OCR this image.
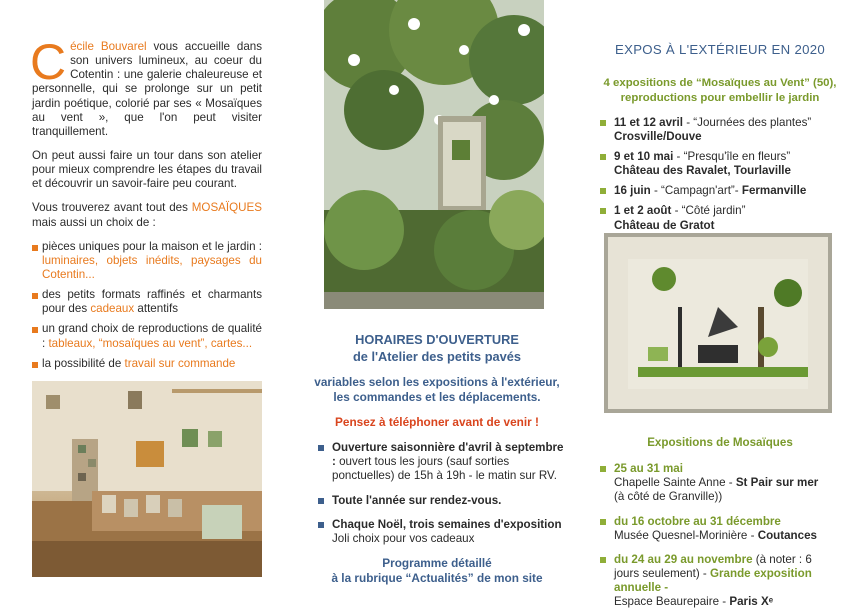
Cécile Bouvarel vous accueille dans son univers lumineux, au coeur du Cotentin : une galerie chaleureuse et personnelle, qui se prolonge sur un petit jardin poétique, colorié par ses « Mosaïques au vent », que l'on peut visiter tranquillement.

On peut aussi faire un tour dans son atelier pour mieux comprendre les étapes du travail et découvrir un savoir-faire peu courant.

Vous trouverez avant tout des MOSAÏQUES mais aussi un choix de :

pièces uniques pour la maison et le jardin : luminaires, objets inédits, paysages du Cotentin...
des petits formats raffinés et charmants pour des cadeaux attentifs
un grand choix de reproductions de qualité : tableaux, “mosaïques au vent”, cartes...
la possibilité de travail sur commande
HORAIRES D'OUVERTURE
de l'Atelier des petits pavés
variables selon les expositions à l'extérieur, les commandes et les déplacements.
Pensez à téléphoner avant de venir !
Ouverture saisonnière d'avril à septembre : ouvert tous les jours (sauf sorties ponctuelles) de 15h à 19h - le matin sur RV.
Toute l'année sur rendez-vous.
Chaque Noël, trois semaines d'exposition Joli choix pour vos cadeaux
Programme détaillé
à la rubrique “Actualités” de mon site
EXPOS À L'EXTÉRIEUR EN 2020
4 expositions de “Mosaïques au Vent” (50), reproductions pour embellir le jardin
11 et 12 avril - “Journées des plantes”
Crosville/Douve
9 et 10 mai - “Presqu'île en fleurs”
Château des Ravalet, Tourlaville
16 juin - “Campagn'art”- Fermanville
1 et 2 août - “Côté jardin”
Château de Gratot
Expositions de Mosaïques
25 au 31 mai
Chapelle Sainte Anne - St Pair sur mer
(à côté de Granville))
du 16 octobre au 31 décembre
Musée Quesnel-Morinière - Coutances
du 24 au 29 au novembre (à noter : 6 jours seulement) - Grande exposition annuelle -
Espace Beaurepaire - Paris Xᵉ
